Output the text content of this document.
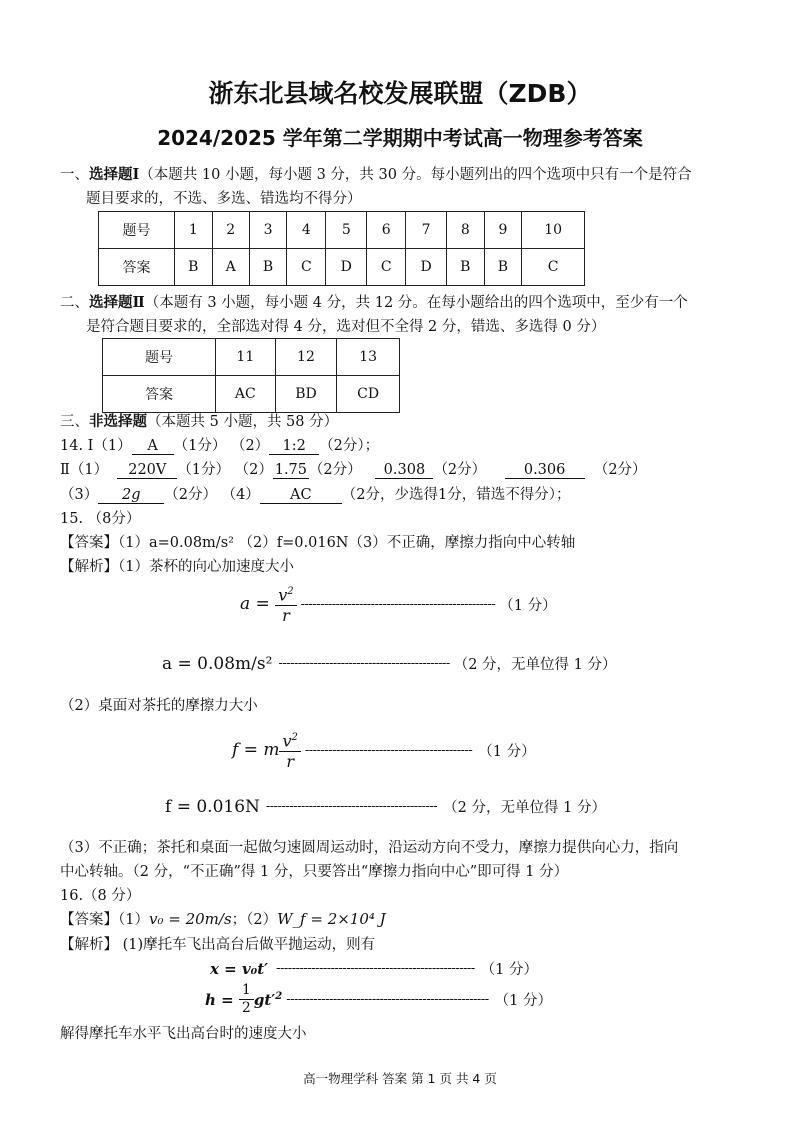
浙东北县域名校发展联盟（ZDB）
2024/2025 学年第二学期期中考试高一物理参考答案
一、选择题Ⅰ（本题共 10 小题，每小题 3 分，共 30 分。每小题列出的四个选项中只有一个是符合
题目要求的，不选、多选、错选均不得分）
题号	1	2	3	4	5	6	7	8	9	10
答案	B	A	B	C	D	C	D	B	B	C
二、选择题Ⅱ（本题有 3 小题，每小题 4 分，共 12 分。在每小题给出的四个选项中，至少有一个
是符合题目要求的，全部选对得 4 分，选对但不全得 2 分，错选、多选得 0 分）
题号	11	12	13
答案	AC	BD	CD
三、非选择题（本题共 5 小题，共 58 分）
14. Ⅰ（1） A （1分） （2） 1:2 （2分）；
Ⅱ（1） 220V （1分） （2） 1.75 （2分） 0.308 （2分）	0.306 （2分）
（3） 2g （2分） （4） AC （2分，少选得1分，错选不得分）；
15. （8分）
【答案】（1）a=0.08m/s² （2）f=0.016N（3）不正确，摩擦力指向中心转轴
【解析】（1）茶杯的向心加速度大小
$a = \frac{v^2}{r}$ -------------------------------------------------- （1 分）
a = 0.08m/s² -------------------------------------------- （2 分，无单位得 1 分）
（2）桌面对茶托的摩擦力大小
f = m $\frac{v^2}{r}$ ------------------------------------------- （1 分）
f = 0.016N -------------------------------------------- （2 分，无单位得 1 分）
（3）不正确；茶托和桌面一起做匀速圆周运动时，沿运动方向不受力，摩擦力提供向心力，指向
中心转轴。（2 分，“不正确”得 1 分，只要答出“摩擦力指向中心”即可得 1 分）
16.（8 分）
【答案】（1）v₀ = 20m/s；（2）W_f = 2×10⁴ J
【解析】 (1)摩托车飞出高台后做平抛运动，则有
x = v₀t′ --------------------------------------------------- （1 分）
$h = \frac{1}{2} gt'^2$ ---------------------------------------------------- （1 分）
解得摩托车水平飞出高台时的速度大小
高一物理学科 答案 第 1 页 共 4 页
